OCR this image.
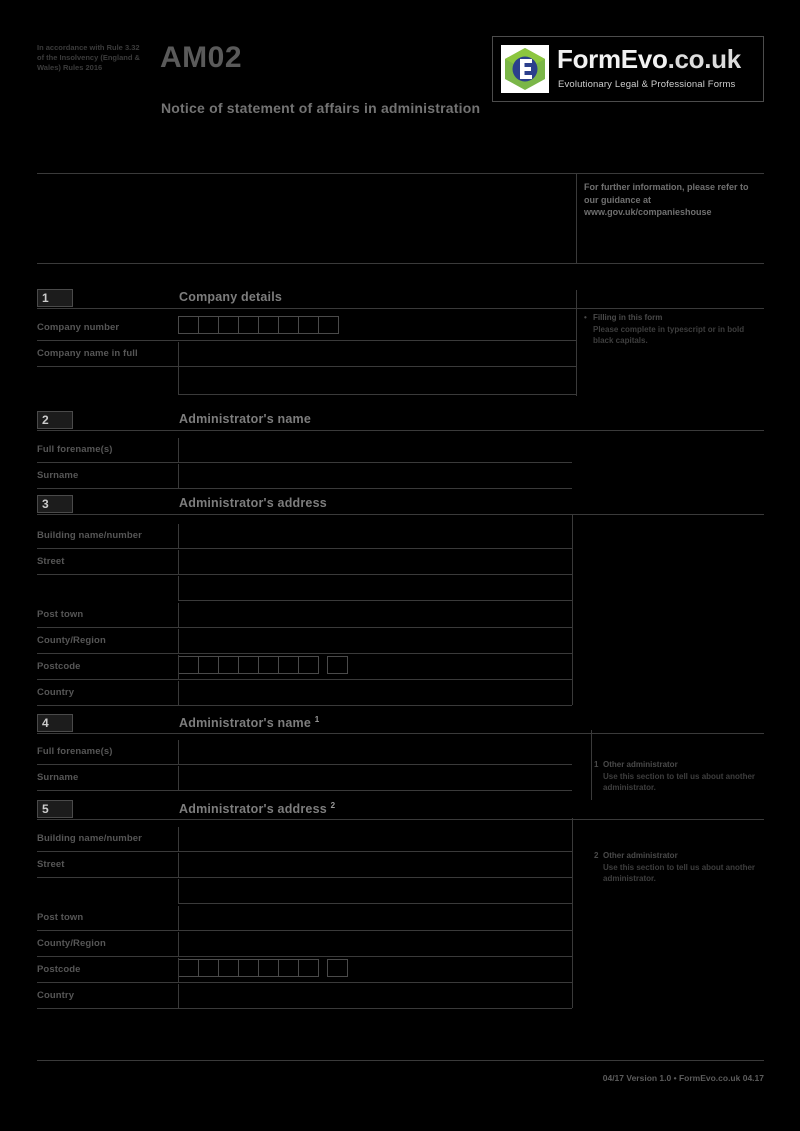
In accordance with Rule 3.32 of the Insolvency (England & Wales) Rules 2016	AM02
Notice of statement of affairs in administration
FormEvo.co.uk
Evolutionary Legal & Professional Forms
For further information, please refer to our guidance at www.gov.uk/companieshouse
1	Company details
Company number
Company name in full
• Filling in this form
Please complete in typescript or in bold black capitals.
2	Administrator's name
Full forename(s)
Surname
3	Administrator's address
Building name/number
Street
Post town
County/Region
Postcode
Country
4	Administrator's name $^1$
Full forename(s)
Surname
1 Other administrator
Use this section to tell us about another administrator.
5	Administrator's address $^2$
Building name/number
Street
Post town
County/Region
Postcode
Country
2 Other administrator
Use this section to tell us about another administrator.
04/17 Version 1.0 • FormEvo.co.uk 04.17
